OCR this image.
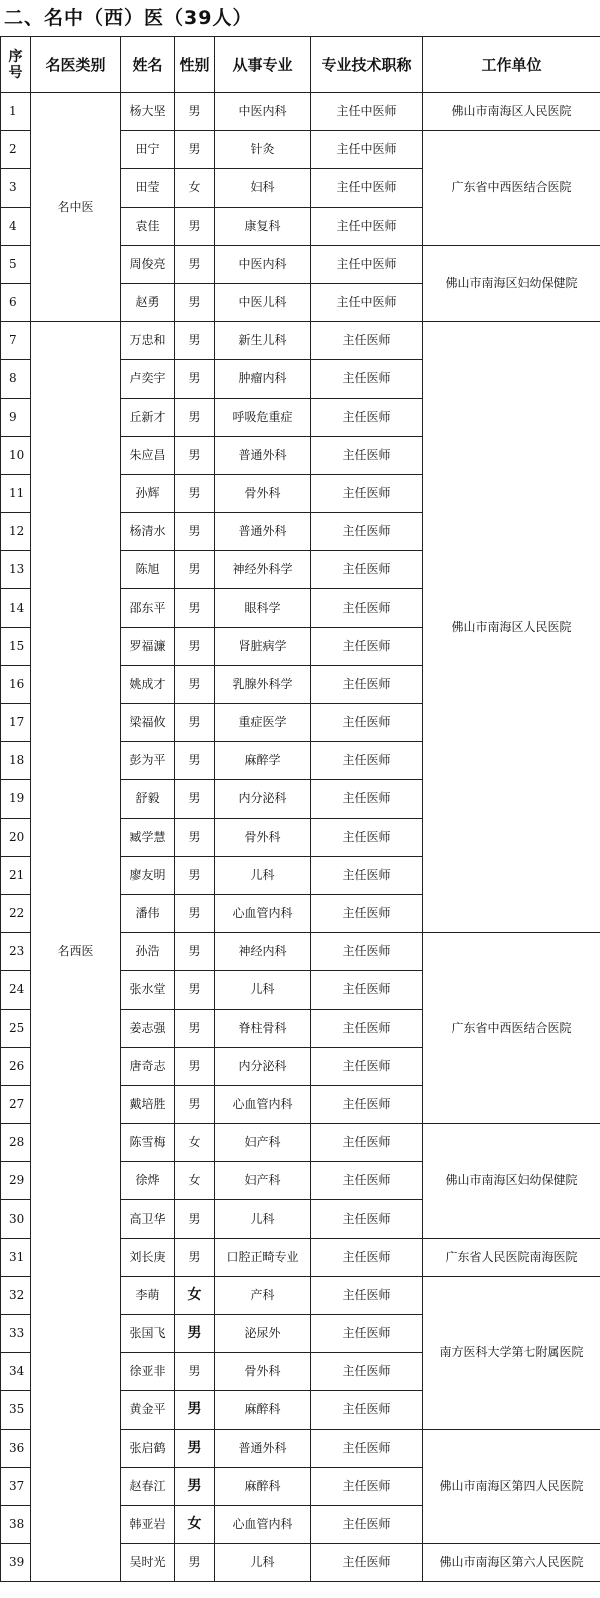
二、名中（西）医（39人）
序号	名医类别	姓名	性别	从事专业	专业技术职称	工作单位
1	名中医	杨大坚	男	中医内科	主任中医师	佛山市南海区人民医院
2		田宁	男	针灸	主任中医师	广东省中西医结合医院
3		田莹	女	妇科	主任中医师	
4		袁佳	男	康复科	主任中医师	
5		周俊亮	男	中医内科	主任中医师	佛山市南海区妇幼保健院
6		赵勇	男	中医儿科	主任中医师	
7	名西医	万忠和	男	新生儿科	主任医师	佛山市南海区人民医院
8		卢奕宇	男	肿瘤内科	主任医师	
9		丘新才	男	呼吸危重症	主任医师	
10		朱应昌	男	普通外科	主任医师	
11		孙辉	男	骨外科	主任医师	
12		杨清水	男	普通外科	主任医师	
13		陈旭	男	神经外科学	主任医师	
14		邵东平	男	眼科学	主任医师	
15		罗福濂	男	肾脏病学	主任医师	
16		姚成才	男	乳腺外科学	主任医师	
17		梁福攸	男	重症医学	主任医师	
18		彭为平	男	麻醉学	主任医师	
19		舒毅	男	内分泌科	主任医师	
20		臧学慧	男	骨外科	主任医师	
21		廖友明	男	儿科	主任医师	
22		潘伟	男	心血管内科	主任医师	
23		孙浩	男	神经内科	主任医师	广东省中西医结合医院
24		张水堂	男	儿科	主任医师	
25		姜志强	男	脊柱骨科	主任医师	
26		唐奇志	男	内分泌科	主任医师	
27		戴培胜	男	心血管内科	主任医师	
28		陈雪梅	女	妇产科	主任医师	佛山市南海区妇幼保健院
29		徐烨	女	妇产科	主任医师	
30		高卫华	男	儿科	主任医师	
31		刘长庚	男	口腔正畸专业	主任医师	广东省人民医院南海医院
32		李萌	女	产科	主任医师	南方医科大学第七附属医院
33		张国飞	男	泌尿外	主任医师	
34		徐亚非	男	骨外科	主任医师	
35		黄金平	男	麻醉科	主任医师	
36		张启鹤	男	普通外科	主任医师	佛山市南海区第四人民医院
37		赵春江	男	麻醉科	主任医师	
38		韩亚岩	女	心血管内科	主任医师	
39		吴时光	男	儿科	主任医师	佛山市南海区第六人民医院
